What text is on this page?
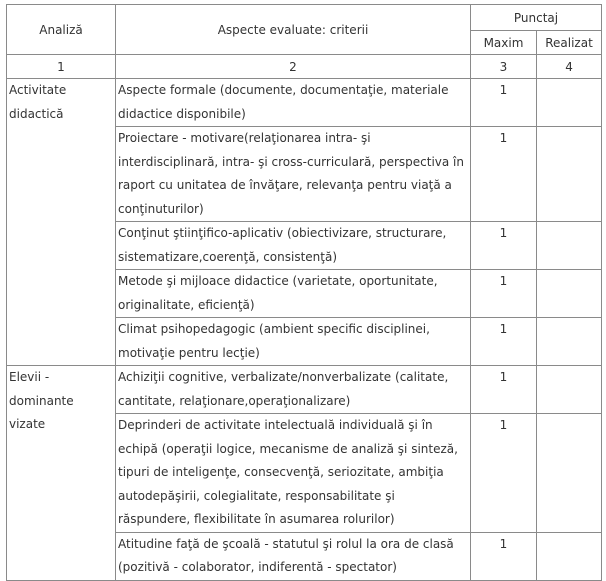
Analiză	Aspecte evaluate: criterii	Punctaj	
		Maxim	Realizat
1	2	3	4
Activitate didactică	Aspecte formale (documente, documentaţie, materiale didactice disponibile)	1	
	Proiectare - motivare(relaţionarea intra- şi interdisciplinară, intra- şi cross-curriculară, perspectiva în raport cu unitatea de învăţare, relevanţa pentru viaţă a conţinuturilor)	1	
	Conţinut ştiinţifico-aplicativ (obiectivizare, structurare, sistematizare,coerenţă, consistenţă)	1	
	Metode şi mijloace didactice (varietate, oportunitate, originalitate, eficienţă)	1	
	Climat psihopedagogic (ambient specific disciplinei, motivaţie pentru lecţie)	1	
Elevii - dominante vizate	Achiziţii cognitive, verbalizate/nonverbalizate (calitate, cantitate, relaţionare,operaţionalizare)	1	
	Deprinderi de activitate intelectuală individuală şi în echipă (operaţii logice, mecanisme de analiză şi sinteză, tipuri de inteligenţe, consecvenţă, seriozitate, ambiţia autodepăşirii, colegialitate, responsabilitate şi răspundere, flexibilitate în asumarea rolurilor)	1	
	Atitudine faţă de şcoală - statutul şi rolul la ora de clasă (pozitivă - colaborator, indiferentă - spectator)	1	
